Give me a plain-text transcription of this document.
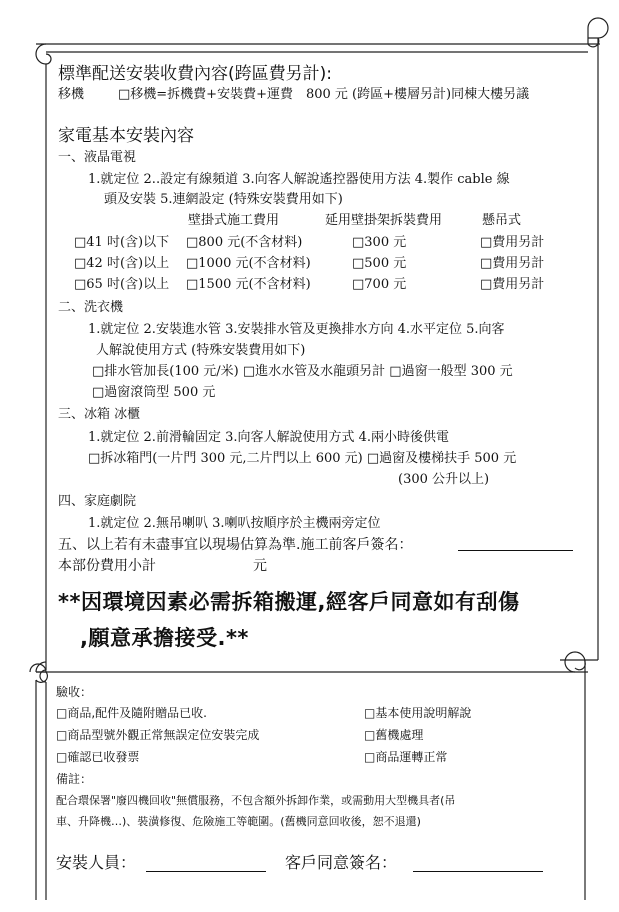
標準配送安裝收費內容(跨區費另計):
移機	□移機=拆機費+安裝費+運費　800 元 (跨區+樓層另計)同棟大樓另議
家電基本安裝內容
一、液晶電視
1.就定位 2..設定有線頻道 3.向客人解說遙控器使用方法 4.製作 cable 線
頭及安裝 5.連網設定 (特殊安裝費用如下)
壁掛式施工費用	延用壁掛架拆裝費用	懸吊式
□41 吋(含)以下 □800 元(不含材料)	□300 元	□費用另計
□42 吋(含)以上 □1000 元(不含材料)	□500 元	□費用另計
□65 吋(含)以上 □1500 元(不含材料)	□700 元	□費用另計
二、洗衣機
1.就定位 2.安裝進水管 3.安裝排水管及更換排水方向 4.水平定位 5.向客
人解說使用方式 (特殊安裝費用如下)
□排水管加長(100 元/米) □進水水管及水龍頭另計 □過窗一般型 300 元
□過窗滾筒型 500 元
三、冰箱 冰櫃
1.就定位 2.前滑輪固定 3.向客人解說使用方式 4.兩小時後供電
□拆冰箱門(一片門 300 元,二片門以上 600 元) □過窗及樓梯扶手 500 元
(300 公升以上)
四、家庭劇院
1.就定位 2.無吊喇叭 3.喇叭按順序於主機兩旁定位
五、以上若有未盡事宜以現場估算為準.施工前客戶簽名：
本部份費用小計	元
**因環境因素必需拆箱搬運,經客戶同意如有刮傷
,願意承擔接受.**
驗收：
□商品,配件及隨附贈品已收.
□商品型號外觀正常無誤定位安裝完成
□確認已收發票
□基本使用說明解說
□舊機處理
□商品運轉正常
備註：
配合環保署"廢四機回收"無償服務，不包含額外拆卸作業，或需動用大型機具者(吊
車、升降機…)、裝潢修復、危險施工等範圍。(舊機同意回收後，恕不退還)
安裝人員：	客戶同意簽名：
